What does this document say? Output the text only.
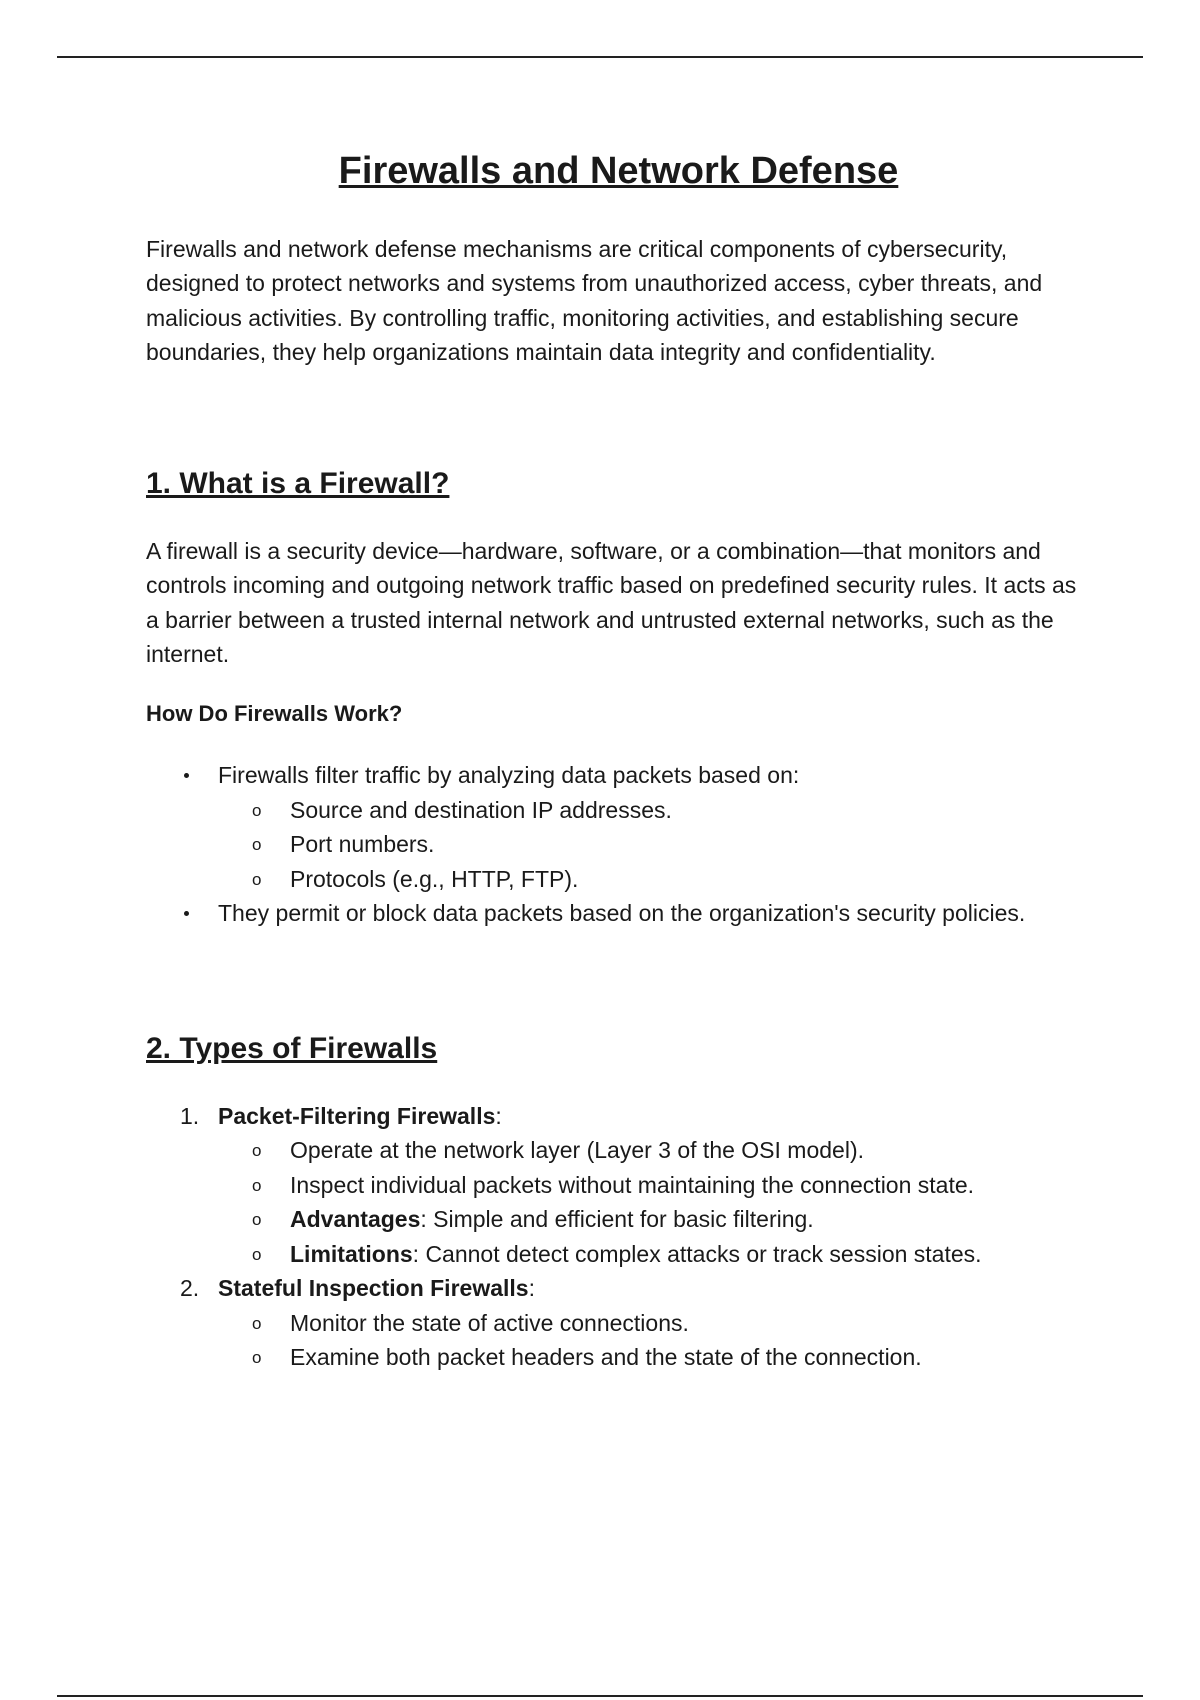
Firewalls and Network Defense

Firewalls and network defense mechanisms are critical components of cybersecurity, designed to protect networks and systems from unauthorized access, cyber threats, and malicious activities. By controlling traffic, monitoring activities, and establishing secure boundaries, they help organizations maintain data integrity and confidentiality.

1. What is a Firewall?

A firewall is a security device—hardware, software, or a combination—that monitors and controls incoming and outgoing network traffic based on predefined security rules. It acts as a barrier between a trusted internal network and untrusted external networks, such as the internet.

How Do Firewalls Work?
Firewalls filter traffic by analyzing data packets based on:
o Source and destination IP addresses.
o Port numbers.
o Protocols (e.g., HTTP, FTP).
They permit or block data packets based on the organization's security policies.
2. Types of Firewalls
1. Packet-Filtering Firewalls:
o Operate at the network layer (Layer 3 of the OSI model).
o Inspect individual packets without maintaining the connection state.
o Advantages: Simple and efficient for basic filtering.
o Limitations: Cannot detect complex attacks or track session states.
2. Stateful Inspection Firewalls:
o Monitor the state of active connections.
o Examine both packet headers and the state of the connection.
